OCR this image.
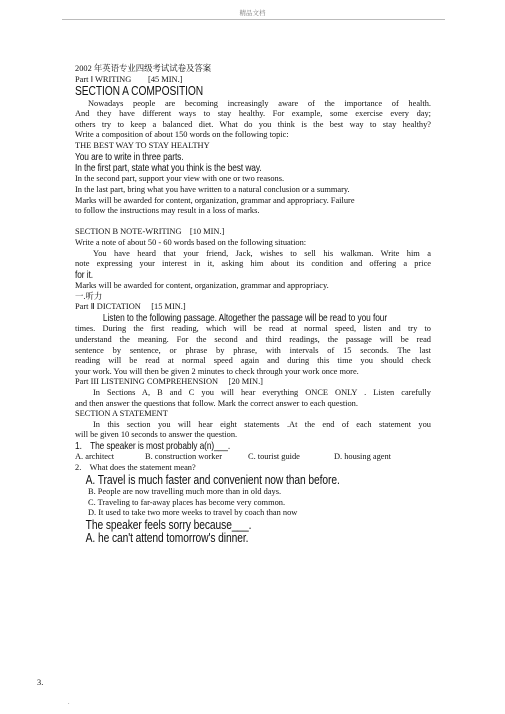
精品文档
2002 年英语专业四级考试试卷及答案
Part Ⅰ WRITING　　[45 MIN.]
SECTION A COMPOSITION
Nowadays people are becoming increasingly aware of the importance of health.
And they have different ways to stay healthy. For example, some exercise every day;
others try to keep a balanced diet. What do you think is the best way to stay healthy?
Write a composition of about 150 words on the following topic:
THE BEST WAY TO STAY HEALTHY
You are to write in three parts.
In the first part, state what you think is the best way.
In the second part, support your view with one or two reasons.
In the last part, bring what you have written to a natural conclusion or a summary.
Marks will be awarded for content, organization, grammar and appropriacy. Failure
to follow the instructions may result in a loss of marks.
SECTION B NOTE-WRITING　[10 MIN.]
Write a note of about 50 - 60 words based on the following situation:
You have heard that your friend, Jack, wishes to sell his walkman. Write him a
note expressing your interest in it, asking him about its condition and offering a price
for it.
Marks will be awarded for content, organization, grammar and appropriacy.
一.听力
Part Ⅱ DICTATION　 [15 MIN.]
Listen to the following passage. Altogether the passage will be read to you four
times. During the first reading, which will be read at normal speed, listen and try to
understand the meaning. For the second and third readings, the passage will be read
sentence by sentence, or phrase by phrase, with intervals of 15 seconds. The last
reading will be read at normal speed again and during this time you should check
your work. You will then be given 2 minutes to check through your work once more.
Part III LISTENING COMPREHENSION　 [20 MIN.]
In Sections A, B and C you will hear everything ONCE ONLY . Listen carefully
and then answer the questions that follow. Mark the correct answer to each question.
SECTION A STATEMENT
In this section you will hear eight statements .At the end of each statement you
will be given 10 seconds to answer the question.
1.　The speaker is most probably a(n)___.
A. architect	B. construction worker	C. tourist guide	D. housing agent
2.　What does the statement mean?
A. Travel is much faster and convenient now than before.
B. People are now travelling much more than in old days.
C. Traveling to far-away places has become very common.
D. It used to take two more weeks to travel by coach than now
The speaker feels sorry because___.
A. he can't attend tomorrow's dinner.
3.
.
